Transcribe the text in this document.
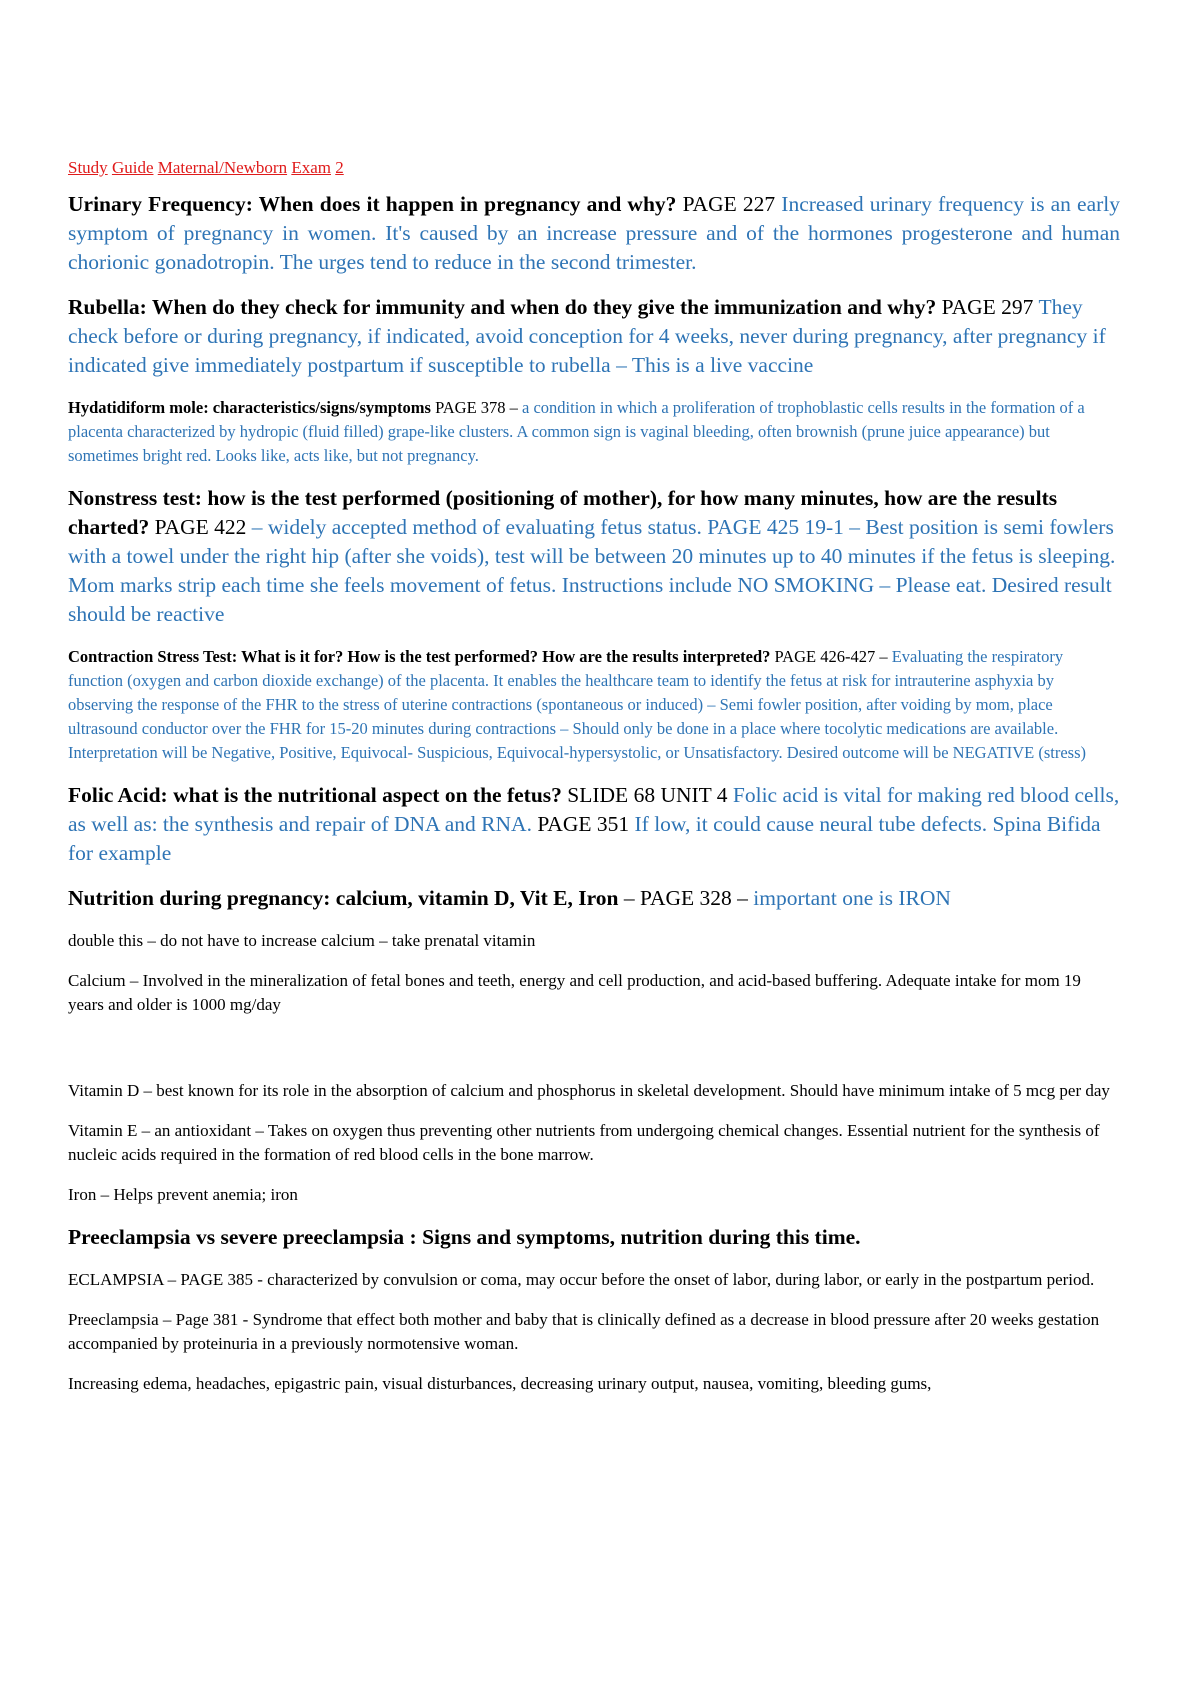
Study Guide Maternal/Newborn Exam 2

Urinary Frequency: When does it happen in pregnancy and why? PAGE 227 Increased urinary frequency is an early symptom of pregnancy in women. It's caused by an increase pressure and of the hormones progesterone and human chorionic gonadotropin. The urges tend to reduce in the second trimester.

Rubella: When do they check for immunity and when do they give the immunization and why? PAGE 297 They check before or during pregnancy, if indicated, avoid conception for 4 weeks, never during pregnancy, after pregnancy if indicated give immediately postpartum if susceptible to rubella – This is a live vaccine

Hydatidiform mole: characteristics/signs/symptoms PAGE 378 – a condition in which a proliferation of trophoblastic cells results in the formation of a placenta characterized by hydropic (fluid filled) grape-like clusters. A common sign is vaginal bleeding, often brownish (prune juice appearance) but sometimes bright red. Looks like, acts like, but not pregnancy.

Nonstress test: how is the test performed (positioning of mother), for how many minutes, how are the results charted? PAGE 422 – widely accepted method of evaluating fetus status. PAGE 425 19-1 – Best position is semi fowlers with a towel under the right hip (after she voids), test will be between 20 minutes up to 40 minutes if the fetus is sleeping. Mom marks strip each time she feels movement of fetus. Instructions include NO SMOKING – Please eat. Desired result should be reactive

Contraction Stress Test: What is it for? How is the test performed? How are the results interpreted? PAGE 426-427 – Evaluating the respiratory function (oxygen and carbon dioxide exchange) of the placenta. It enables the healthcare team to identify the fetus at risk for intrauterine asphyxia by observing the response of the FHR to the stress of uterine contractions (spontaneous or induced) – Semi fowler position, after voiding by mom, place ultrasound conductor over the FHR for 15-20 minutes during contractions – Should only be done in a place where tocolytic medications are available. Interpretation will be Negative, Positive, Equivocal- Suspicious, Equivocal-hypersystolic, or Unsatisfactory. Desired outcome will be NEGATIVE (stress)

Folic Acid: what is the nutritional aspect on the fetus? SLIDE 68 UNIT 4 Folic acid is vital for making red blood cells, as well as: the synthesis and repair of DNA and RNA. PAGE 351 If low, it could cause neural tube defects. Spina Bifida for example

Nutrition during pregnancy: calcium, vitamin D, Vit E, Iron – PAGE 328 – important one is IRON

double this – do not have to increase calcium – take prenatal vitamin

Calcium – Involved in the mineralization of fetal bones and teeth, energy and cell production, and acid-based buffering. Adequate intake for mom 19 years and older is 1000 mg/day

Vitamin D – best known for its role in the absorption of calcium and phosphorus in skeletal development. Should have minimum intake of 5 mcg per day

Vitamin E – an antioxidant – Takes on oxygen thus preventing other nutrients from undergoing chemical changes. Essential nutrient for the synthesis of nucleic acids required in the formation of red blood cells in the bone marrow.

Iron – Helps prevent anemia; iron

Preeclampsia vs severe preeclampsia : Signs and symptoms, nutrition during this time.

ECLAMPSIA – PAGE 385 - characterized by convulsion or coma, may occur before the onset of labor, during labor, or early in the postpartum period.

Preeclampsia – Page 381 - Syndrome that effect both mother and baby that is clinically defined as a decrease in blood pressure after 20 weeks gestation accompanied by proteinuria in a previously normotensive woman.

Increasing edema, headaches, epigastric pain, visual disturbances, decreasing urinary output, nausea, vomiting, bleeding gums,
